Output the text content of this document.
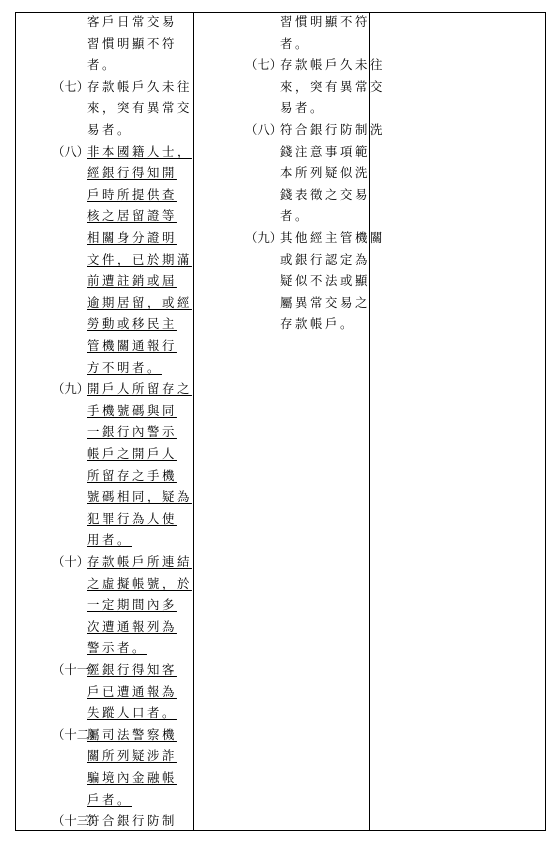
客戶日常交易
習慣明顯不符
者。
（七）
存款帳戶久未往
來，突有異常交
易者。
（八）
非本國籍人士，
經銀行得知開
戶時所提供查
核之居留證等
相關身分證明
文件，已於期滿
前遭註銷或屆
逾期居留，或經
勞動或移民主
管機關通報行
方不明者。
（九）
開戶人所留存之
手機號碼與同
一銀行內警示
帳戶之開戶人
所留存之手機
號碼相同，疑為
犯罪行為人使
用者。
（十）
存款帳戶所連結
之虛擬帳號，於
一定期間內多
次遭通報列為
警示者。
（十一）
經銀行得知客
戶已遭通報為
失蹤人口者。
（十二）
屬司法警察機
關所列疑涉詐
騙境內金融帳
戶者。
（十三）
符合銀行防制
習慣明顯不符
者。
（七）
存款帳戶久未往
來，突有異常交
易者。
（八）
符合銀行防制洗
錢注意事項範
本所列疑似洗
錢表徵之交易
者。
（九）
其他經主管機關
或銀行認定為
疑似不法或顯
屬異常交易之
存款帳戶。
